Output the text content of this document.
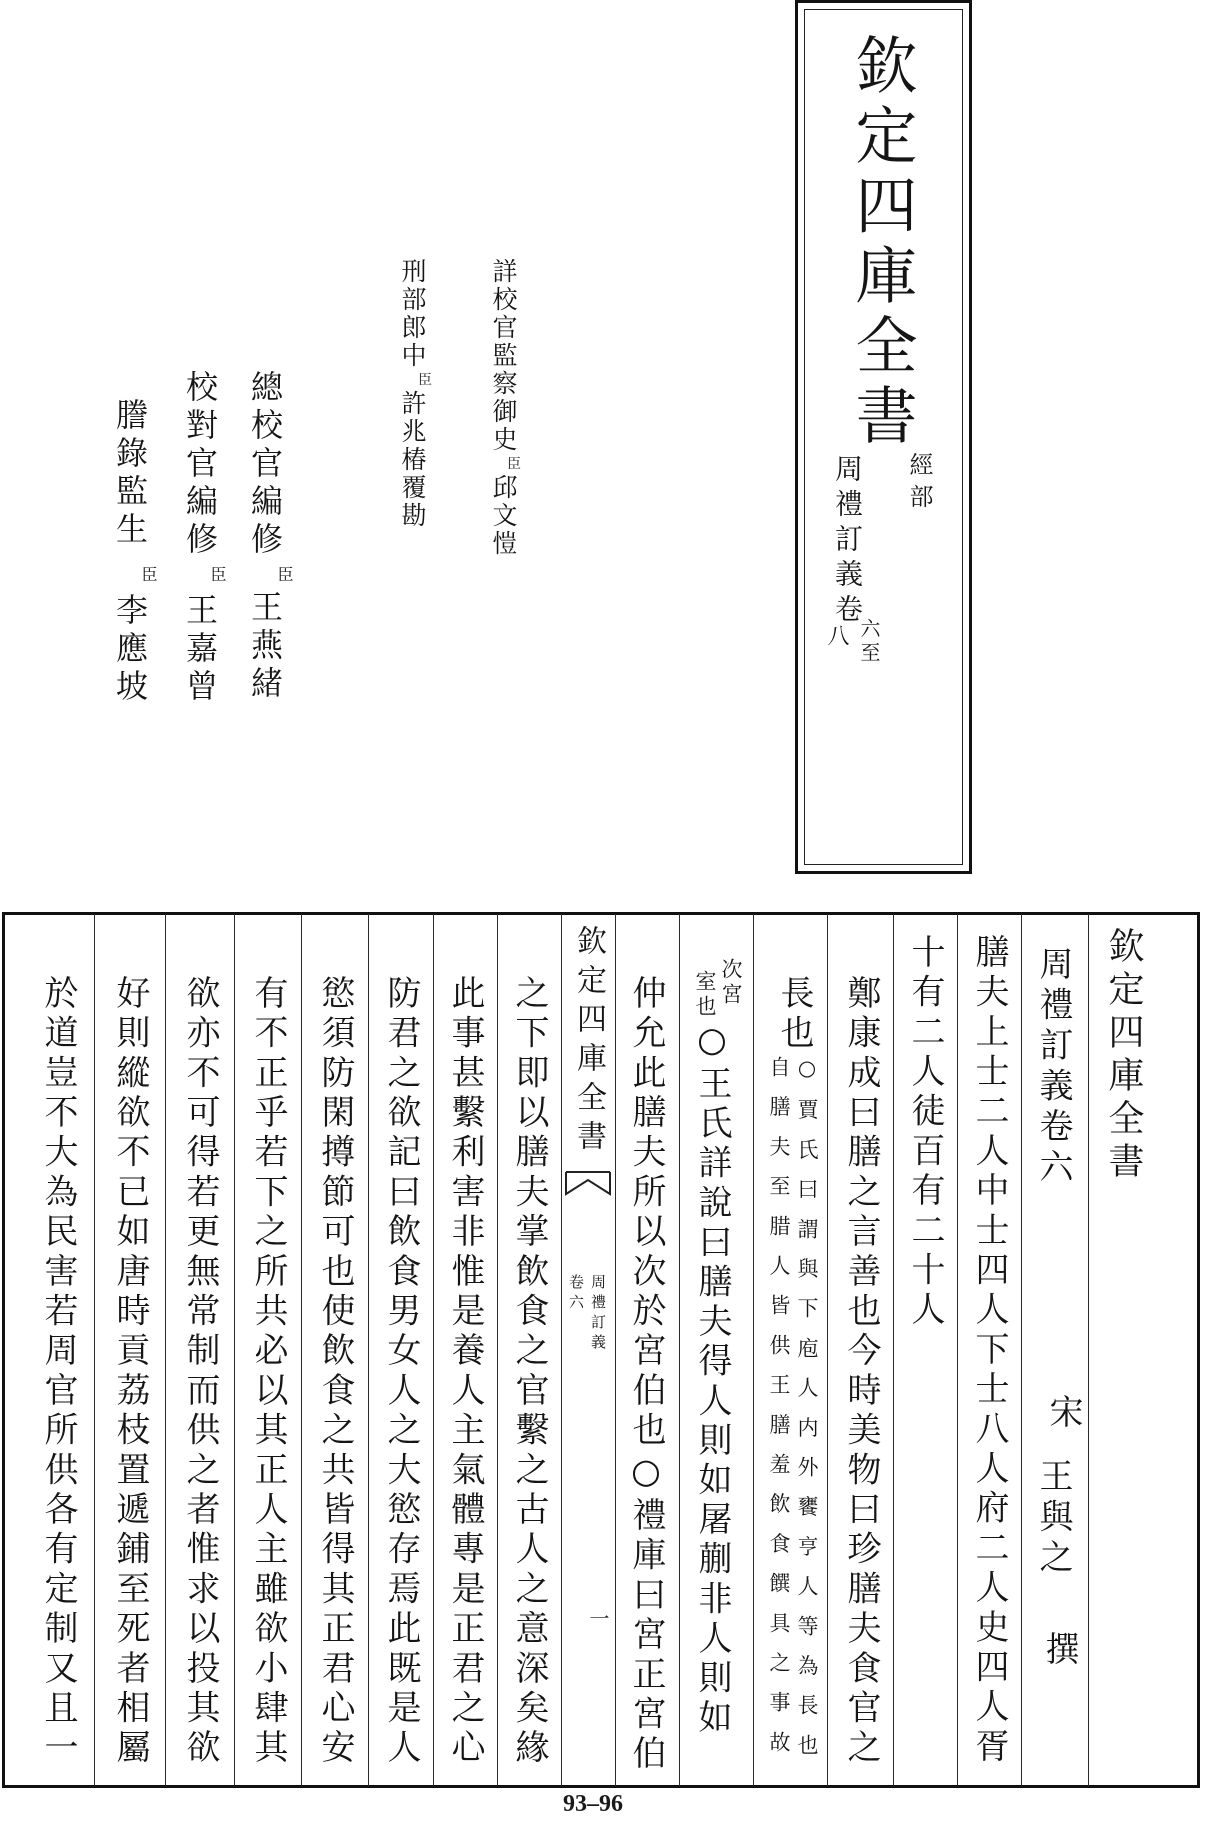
欽定四庫全書
經部
周禮訂義卷
六至
八
詳校官監察御史
臣
邱文愷
刑部郎中
臣
許兆椿
覆勘
總校官編修
臣
王燕緒
校對官編修
臣
王嘉曾
謄錄監生
臣
李應坡
欽定四庫全書
周禮訂義卷六
宋
王與之
撰
膳夫上士二人中士四人下士八人府二人史四人胥
十有二人徒百有二十人
鄭康成曰膳之言善也今時美物曰珍膳夫食官之
長也
○賈氏曰謂與下庖人内外饔亨人等為長也
自膳夫至腊人皆供王膳羞飲食饌具之事故
次宮
室也
○王氏詳說曰膳夫得人則如屠蒯非人則如
仲允此膳夫所以次於宮伯也○禮庫曰宮正宮伯
欽定四庫全書
周禮訂義
卷六
一
之下即以膳夫掌飲食之官繫之古人之意深矣緣
此事甚繫利害非惟是養人主氣體專是正君之心
防君之欲記曰飲食男女人之大慾存焉此既是人
慾須防閑撙節可也使飲食之共皆得其正君心安
有不正乎若下之所共必以其正人主雖欲小肆其
欲亦不可得若更無常制而供之者惟求以投其欲
好則縱欲不已如唐時貢荔枝置遞鋪至死者相屬
於道豈不大為民害若周官所供各有定制又且一
93–96
